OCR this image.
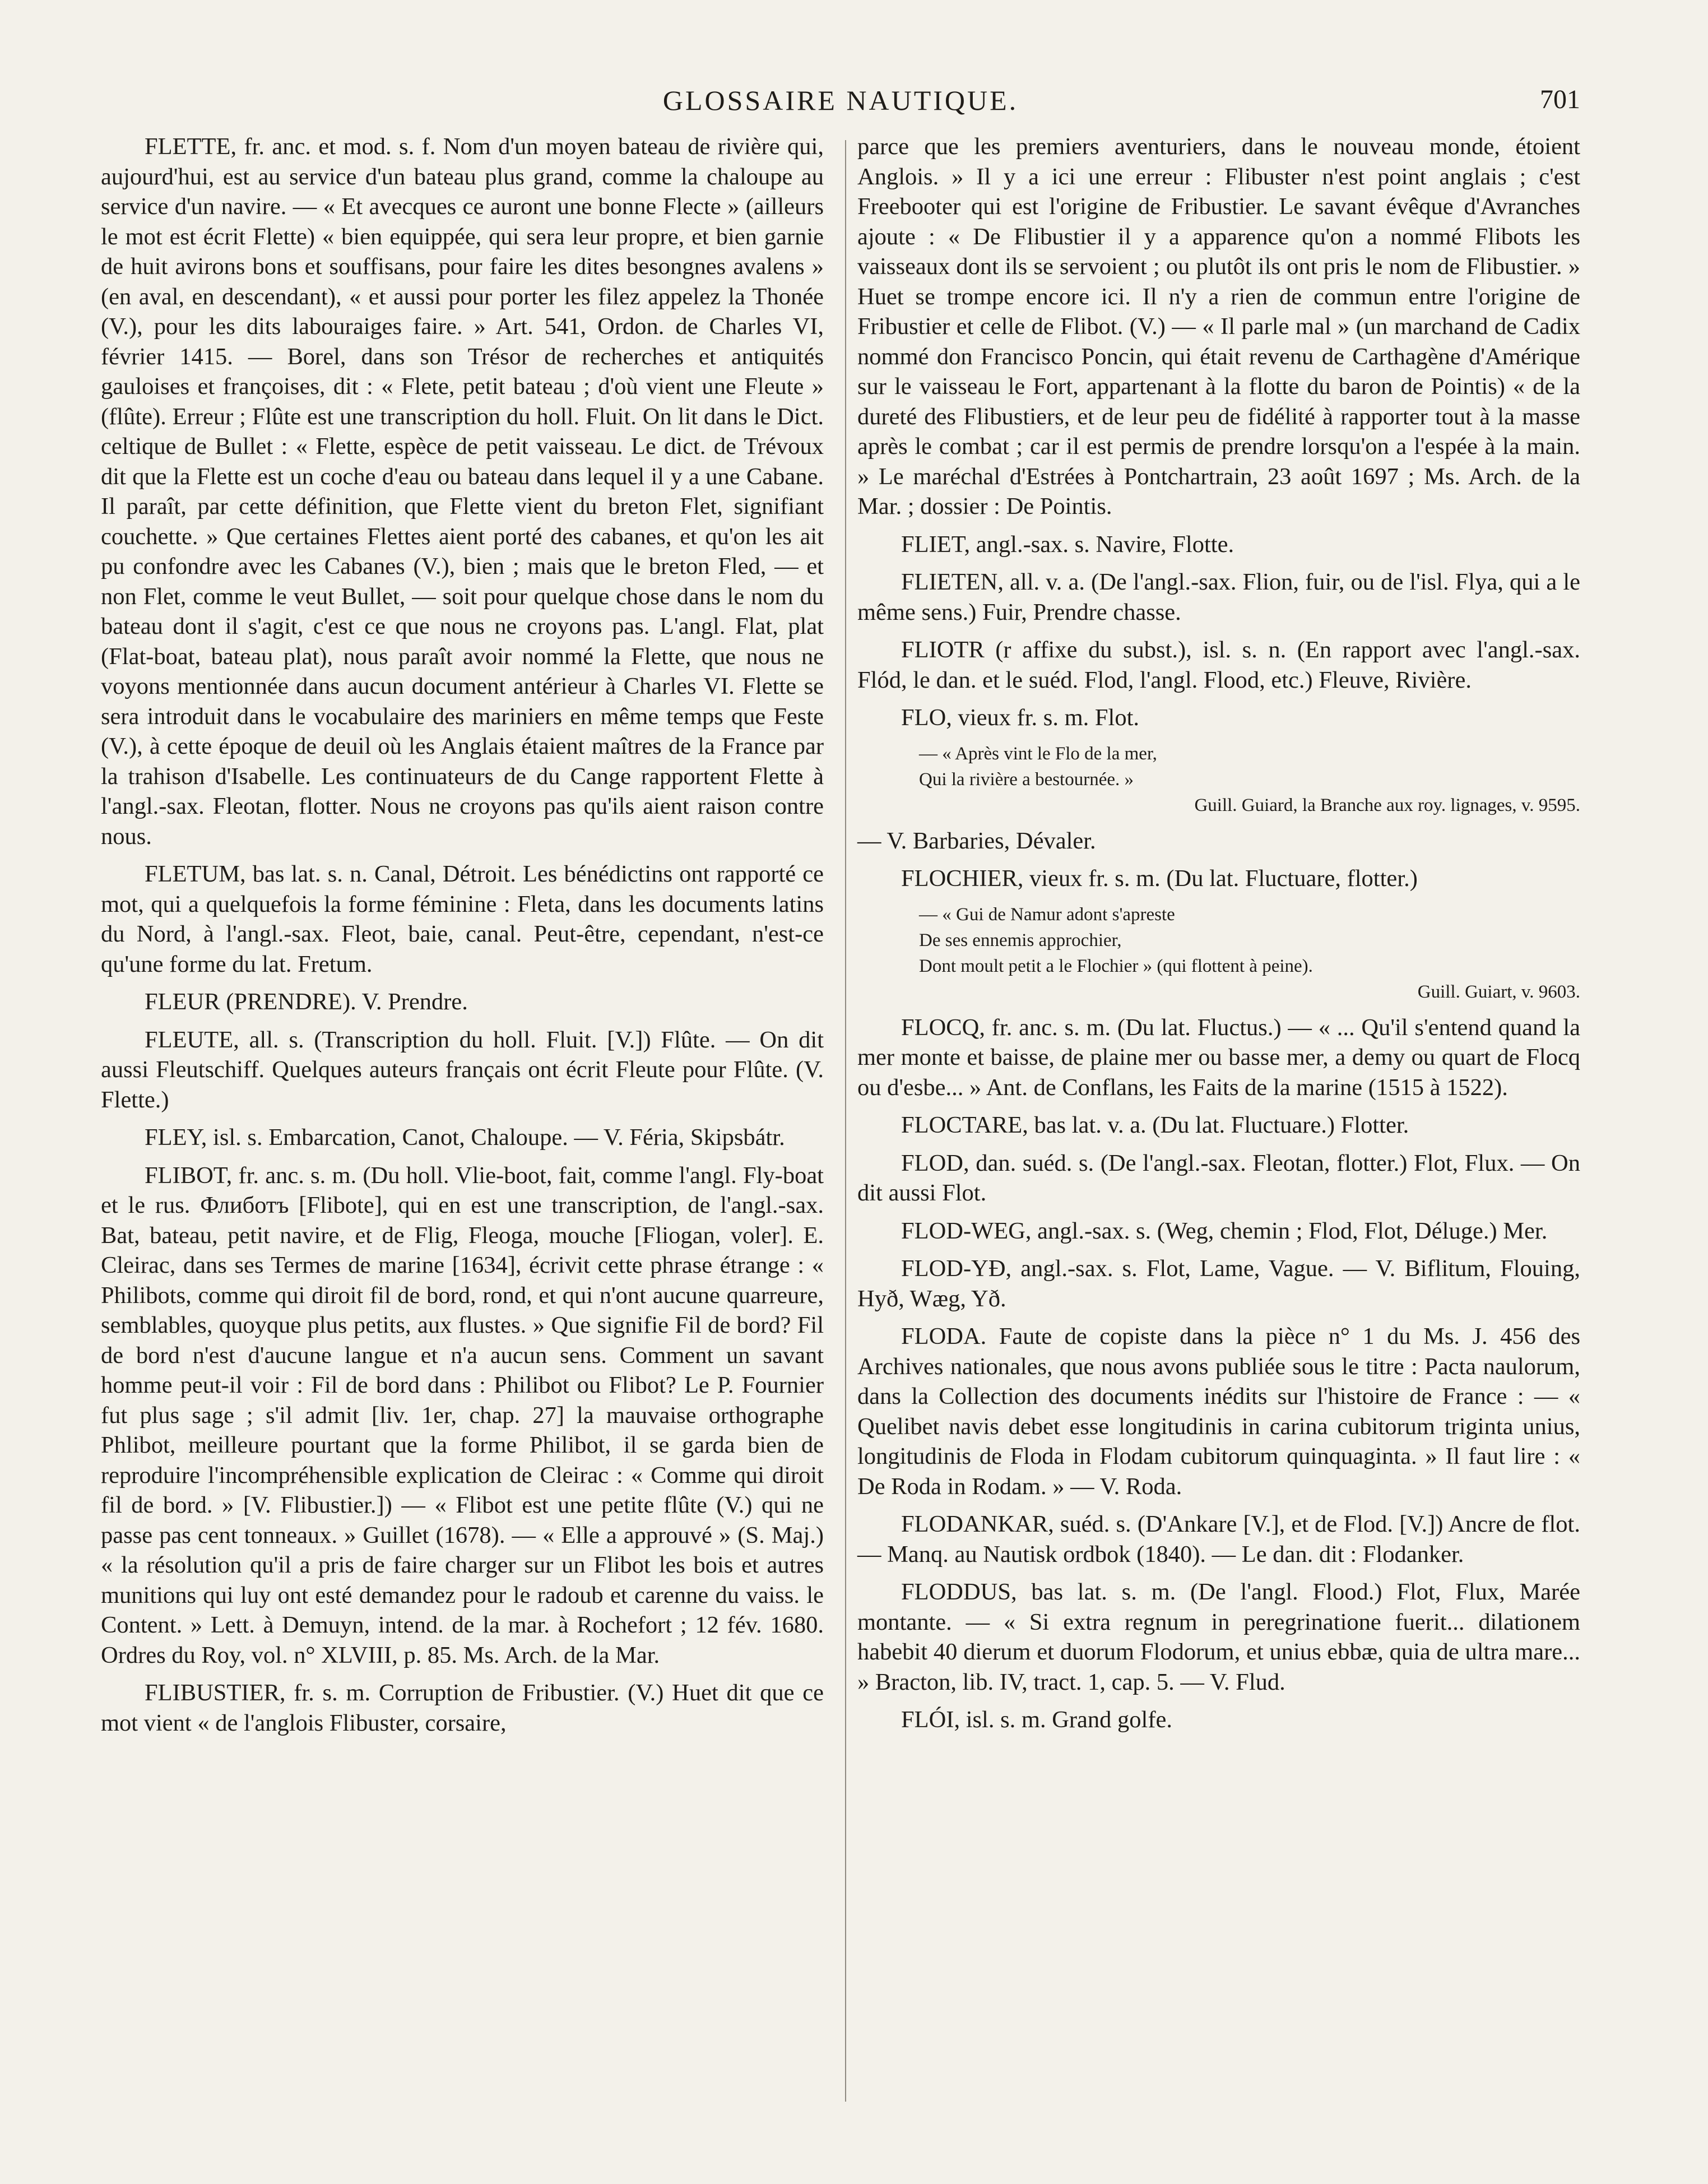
GLOSSAIRE NAUTIQUE.	701

FLETTE, fr. anc. et mod. s. f. Nom d'un moyen bateau de rivière qui, aujourd'hui, est au service d'un bateau plus grand, comme la chaloupe au service d'un navire. — « Et avecques ce auront une bonne Flecte » (ailleurs le mot est écrit Flette) « bien equippée, qui sera leur propre, et bien garnie de huit avirons bons et souffisans, pour faire les dites besongnes avalens » (en aval, en descendant), « et aussi pour porter les filez appelez la Thonée (V.), pour les dits labouraiges faire. » Art. 541, Ordon. de Charles VI, février 1415. — Borel, dans son Trésor de recherches et antiquités gauloises et françoises, dit : « Flete, petit bateau ; d'où vient une Fleute » (flûte). Erreur ; Flûte est une transcription du holl. Fluit. On lit dans le Dict. celtique de Bullet : « Flette, espèce de petit vaisseau. Le dict. de Trévoux dit que la Flette est un coche d'eau ou bateau dans lequel il y a une Cabane. Il paraît, par cette définition, que Flette vient du breton Flet, signifiant couchette. » Que certaines Flettes aient porté des cabanes, et qu'on les ait pu confondre avec les Cabanes (V.), bien ; mais que le breton Fled, — et non Flet, comme le veut Bullet, — soit pour quelque chose dans le nom du bateau dont il s'agit, c'est ce que nous ne croyons pas. L'angl. Flat, plat (Flat-boat, bateau plat), nous paraît avoir nommé la Flette, que nous ne voyons mentionnée dans aucun document antérieur à Charles VI. Flette se sera introduit dans le vocabulaire des mariniers en même temps que Feste (V.), à cette époque de deuil où les Anglais étaient maîtres de la France par la trahison d'Isabelle. Les continuateurs de du Cange rapportent Flette à l'angl.-sax. Fleotan, flotter. Nous ne croyons pas qu'ils aient raison contre nous.

FLETUM, bas lat. s. n. Canal, Détroit. Les bénédictins ont rapporté ce mot, qui a quelquefois la forme féminine : Fleta, dans les documents latins du Nord, à l'angl.-sax. Fleot, baie, canal. Peut-être, cependant, n'est-ce qu'une forme du lat. Fretum.

FLEUR (PRENDRE). V. Prendre.

FLEUTE, all. s. (Transcription du holl. Fluit. [V.]) Flûte. — On dit aussi Fleutschiff. Quelques auteurs français ont écrit Fleute pour Flûte. (V. Flette.)

FLEY, isl. s. Embarcation, Canot, Chaloupe. — V. Féria, Skipsbátr.

FLIBOT, fr. anc. s. m. (Du holl. Vlie-boot, fait, comme l'angl. Fly-boat et le rus. Флиботъ [Flibote], qui en est une transcription, de l'angl.-sax. Bat, bateau, petit navire, et de Flig, Fleoga, mouche [Fliogan, voler]. E. Cleirac, dans ses Termes de marine [1634], écrivit cette phrase étrange : « Philibots, comme qui diroit fil de bord, rond, et qui n'ont aucune quarreure, semblables, quoyque plus petits, aux flustes. » Que signifie Fil de bord? Fil de bord n'est d'aucune langue et n'a aucun sens. Comment un savant homme peut-il voir : Fil de bord dans : Philibot ou Flibot? Le P. Fournier fut plus sage ; s'il admit [liv. 1er, chap. 27] la mauvaise orthographe Phlibot, meilleure pourtant que la forme Philibot, il se garda bien de reproduire l'incompréhensible explication de Cleirac : « Comme qui diroit fil de bord. » [V. Flibustier.]) — « Flibot est une petite flûte (V.) qui ne passe pas cent tonneaux. » Guillet (1678). — « Elle a approuvé » (S. Maj.) « la résolution qu'il a pris de faire charger sur un Flibot les bois et autres munitions qui luy ont esté demandez pour le radoub et carenne du vaiss. le Content. » Lett. à Demuyn, intend. de la mar. à Rochefort ; 12 fév. 1680. Ordres du Roy, vol. n° XLVIII, p. 85. Ms. Arch. de la Mar.

FLIBUSTIER, fr. s. m. Corruption de Fribustier. (V.) Huet dit que ce mot vient « de l'anglois Flibuster, corsaire,

parce que les premiers aventuriers, dans le nouveau monde, étoient Anglois. » Il y a ici une erreur : Flibuster n'est point anglais ; c'est Freebooter qui est l'origine de Fribustier. Le savant évêque d'Avranches ajoute : « De Flibustier il y a apparence qu'on a nommé Flibots les vaisseaux dont ils se servoient ; ou plutôt ils ont pris le nom de Flibustier. » Huet se trompe encore ici. Il n'y a rien de commun entre l'origine de Fribustier et celle de Flibot. (V.) — « Il parle mal » (un marchand de Cadix nommé don Francisco Poncin, qui était revenu de Carthagène d'Amérique sur le vaisseau le Fort, appartenant à la flotte du baron de Pointis) « de la dureté des Flibustiers, et de leur peu de fidélité à rapporter tout à la masse après le combat ; car il est permis de prendre lorsqu'on a l'espée à la main. » Le maréchal d'Estrées à Pontchartrain, 23 août 1697 ; Ms. Arch. de la Mar. ; dossier : De Pointis.

FLIET, angl.-sax. s. Navire, Flotte.

FLIETEN, all. v. a. (De l'angl.-sax. Flion, fuir, ou de l'isl. Flya, qui a le même sens.) Fuir, Prendre chasse.

FLIOTR (r affixe du subst.), isl. s. n. (En rapport avec l'angl.-sax. Flód, le dan. et le suéd. Flod, l'angl. Flood, etc.) Fleuve, Rivière.

FLO, vieux fr. s. m. Flot.

— « Après vint le Flo de la mer,

Qui la rivière a bestournée. »

Guill. Guiard, la Branche aux roy. lignages, v. 9595.

— V. Barbaries, Dévaler.

FLOCHIER, vieux fr. s. m. (Du lat. Fluctuare, flotter.)

— « Gui de Namur adont s'apreste

De ses ennemis approchier,

Dont moult petit a le Flochier » (qui flottent à peine).

Guill. Guiart, v. 9603.

FLOCQ, fr. anc. s. m. (Du lat. Fluctus.) — « ... Qu'il s'entend quand la mer monte et baisse, de plaine mer ou basse mer, a demy ou quart de Flocq ou d'esbe... » Ant. de Conflans, les Faits de la marine (1515 à 1522).

FLOCTARE, bas lat. v. a. (Du lat. Fluctuare.) Flotter.

FLOD, dan. suéd. s. (De l'angl.-sax. Fleotan, flotter.) Flot, Flux. — On dit aussi Flot.

FLOD-WEG, angl.-sax. s. (Weg, chemin ; Flod, Flot, Déluge.) Mer.

FLOD-YÐ, angl.-sax. s. Flot, Lame, Vague. — V. Biflitum, Flouing, Hyð, Wæg, Yð.

FLODA. Faute de copiste dans la pièce n° 1 du Ms. J. 456 des Archives nationales, que nous avons publiée sous le titre : Pacta naulorum, dans la Collection des documents inédits sur l'histoire de France : — « Quelibet navis debet esse longitudinis in carina cubitorum triginta unius, longitudinis de Floda in Flodam cubitorum quinquaginta. » Il faut lire : « De Roda in Rodam. » — V. Roda.

FLODANKAR, suéd. s. (D'Ankare [V.], et de Flod. [V.]) Ancre de flot. — Manq. au Nautisk ordbok (1840). — Le dan. dit : Flodanker.

FLODDUS, bas lat. s. m. (De l'angl. Flood.) Flot, Flux, Marée montante. — « Si extra regnum in peregrinatione fuerit... dilationem habebit 40 dierum et duorum Flodorum, et unius ebbæ, quia de ultra mare... » Bracton, lib. IV, tract. 1, cap. 5. — V. Flud.

FLÓI, isl. s. m. Grand golfe.
